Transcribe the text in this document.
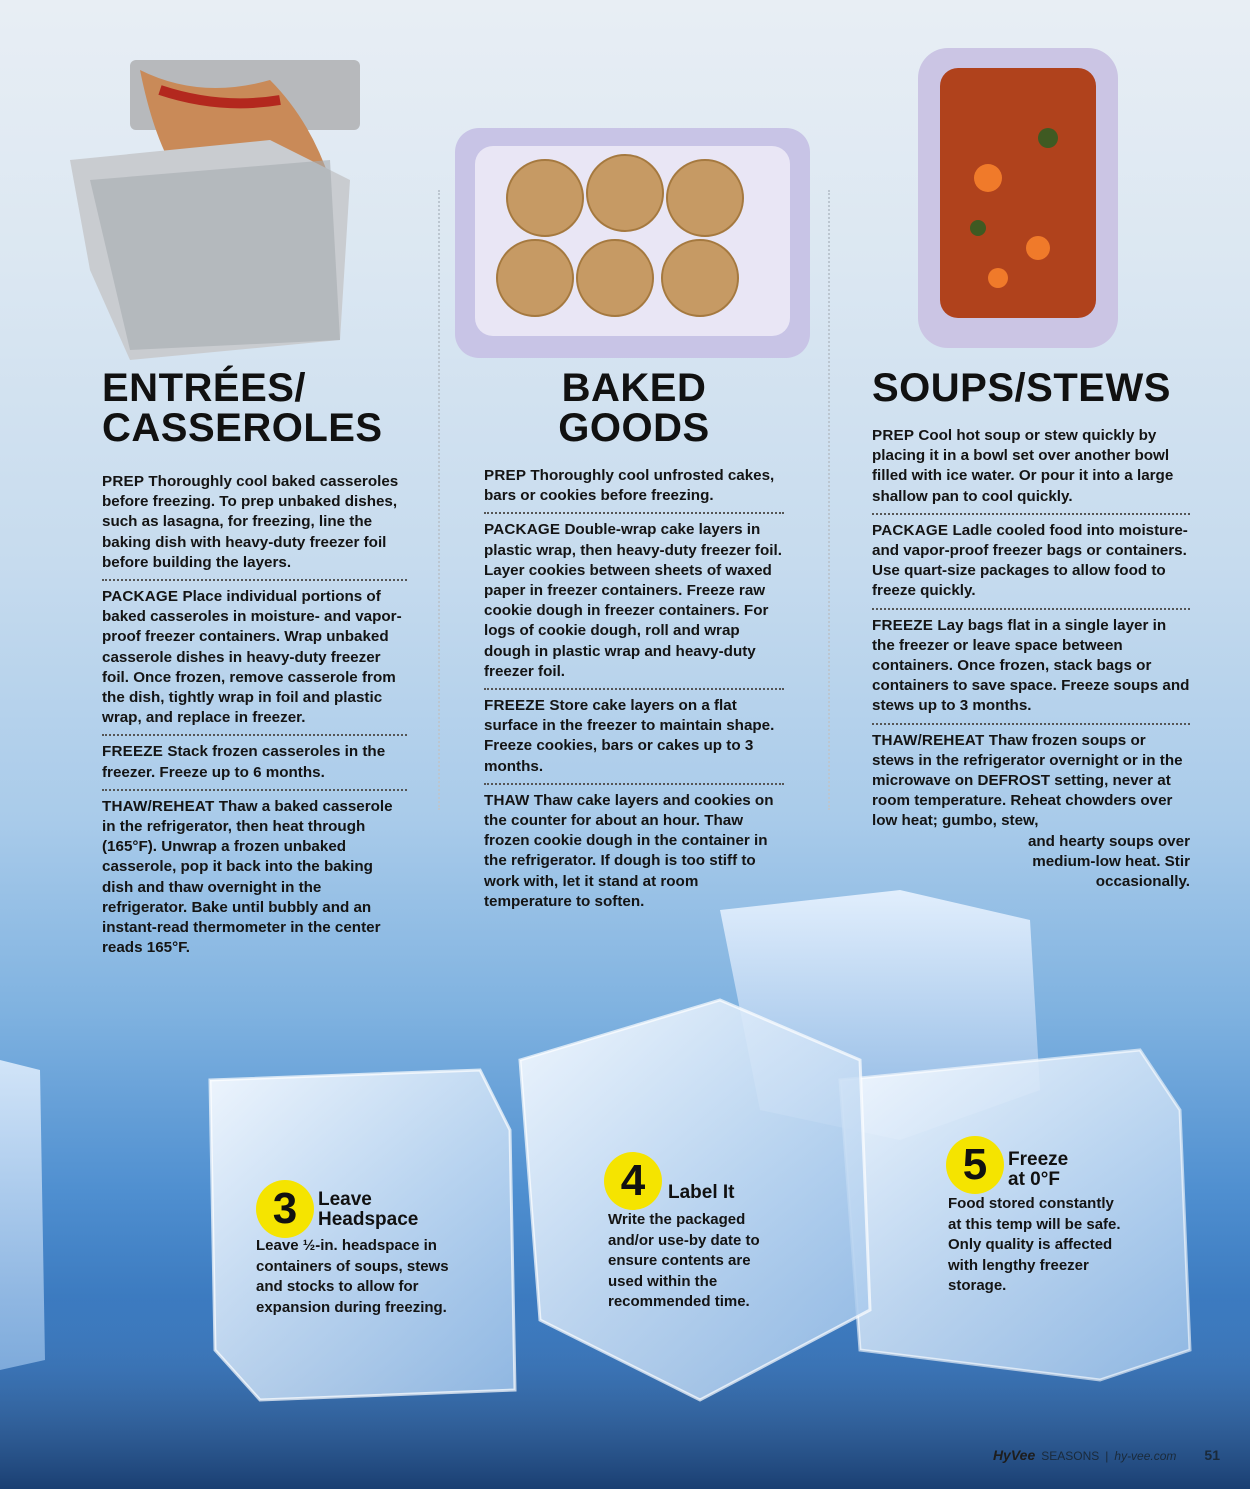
ENTRÉES/
CASSEROLES

PREP Thoroughly cool baked casseroles before freezing. To prep unbaked dishes, such as lasagna, for freezing, line the baking dish with heavy-duty freezer foil before building the layers.

PACKAGE Place individual portions of baked casseroles in moisture- and vapor-proof freezer containers. Wrap unbaked casserole dishes in heavy-duty freezer foil. Once frozen, remove casserole from the dish, tightly wrap in foil and plastic wrap, and replace in freezer.

FREEZE Stack frozen casseroles in the freezer. Freeze up to 6 months.

THAW/REHEAT Thaw a baked casserole in the refrigerator, then heat through (165°F). Unwrap a frozen unbaked casserole, pop it back into the baking dish and thaw overnight in the refrigerator. Bake until bubbly and an instant-read thermometer in the center reads 165°F.

BAKED GOODS

PREP Thoroughly cool unfrosted cakes, bars or cookies before freezing.

PACKAGE Double-wrap cake layers in plastic wrap, then heavy-duty freezer foil. Layer cookies between sheets of waxed paper in freezer containers. Freeze raw cookie dough in freezer containers. For logs of cookie dough, roll and wrap dough in plastic wrap and heavy-duty freezer foil.

FREEZE Store cake layers on a flat surface in the freezer to maintain shape. Freeze cookies, bars or cakes up to 3 months.

THAW Thaw cake layers and cookies on the counter for about an hour. Thaw frozen cookie dough in the container in the refrigerator. If dough is too stiff to work with, let it stand at room temperature to soften.

SOUPS/STEWS

PREP Cool hot soup or stew quickly by placing it in a bowl set over another bowl filled with ice water. Or pour it into a large shallow pan to cool quickly.

PACKAGE Ladle cooled food into moisture- and vapor-proof freezer bags or containers. Use quart-size packages to allow food to freeze quickly.

FREEZE Lay bags flat in a single layer in the freezer or leave space between containers. Once frozen, stack bags or containers to save space. Freeze soups and stews up to 3 months.

THAW/REHEAT Thaw frozen soups or stews in the refrigerator overnight or in the microwave on DEFROST setting, never at room temperature. Reheat chowders over low heat; gumbo, stew,

and hearty soups over medium-low heat. Stir occasionally.

3	Leave
Headspace

Leave ½-in. headspace in containers of soups, stews and stocks to allow for expansion during freezing.

4	Label It

Write the packaged and/or use-by date to ensure contents are used within the recommended time.

5	Freeze
at 0°F

Food stored constantly at this temp will be safe. Only quality is affected with lengthy freezer storage.

HyVee SEASONS | hy-vee.com 51
